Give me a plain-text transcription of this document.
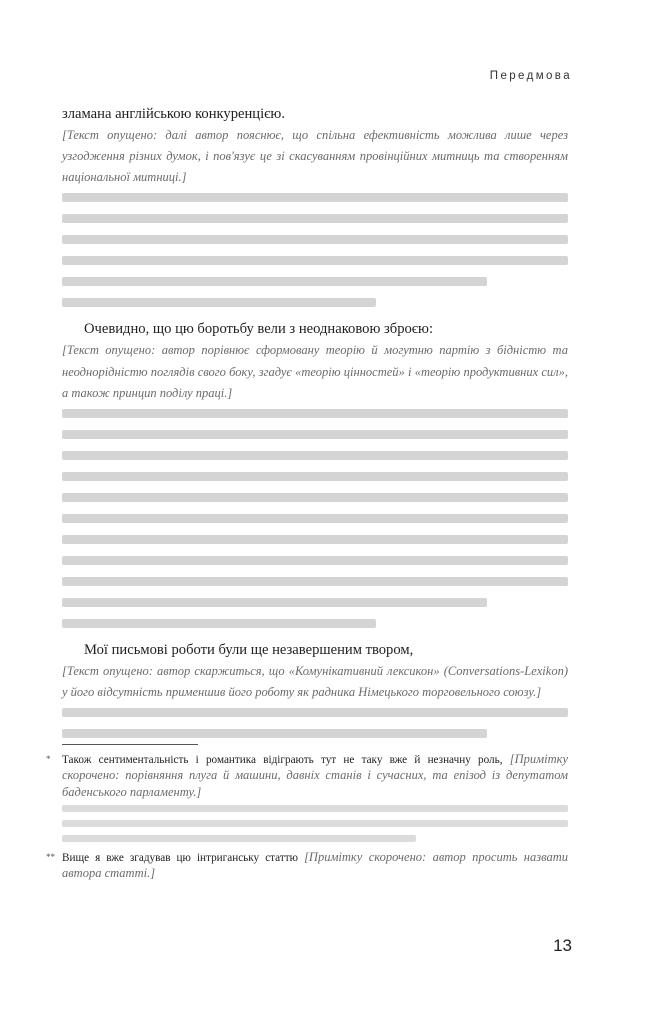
Передмова
зламана англійською конкуренцією.
[Текст опущено: далі автор пояснює, що спільна ефективність можлива лише через узгодження різних думок, і пов'язує це зі скасуванням провінційних митниць та створенням національної митниці.]
Очевидно, що цю боротьбу вели з неоднаковою зброєю:
[Текст опущено: автор порівнює сформовану теорію й могутню партію з бідністю та неоднорідністю поглядів свого боку, згадує «теорію цінностей» і «теорію продуктивних сил», а також принцип поділу праці.]
Мої письмові роботи були ще незавершеним твором,
[Текст опущено: автор скаржиться, що «Комунікативний лексикон» (Conversations-Lexikon) у його відсутність применшив його роботу як радника Німецького торговельного союзу.]
* Також сентиментальність і романтика відіграють тут не таку вже й незначну роль, [Примітку скорочено: порівняння плуга й машини, давніх станів і сучасних, та епізод із депутатом баденського парламенту.]
** Вище я вже згадував цю інтриганську статтю [Примітку скорочено: автор просить назвати автора статті.]
13
